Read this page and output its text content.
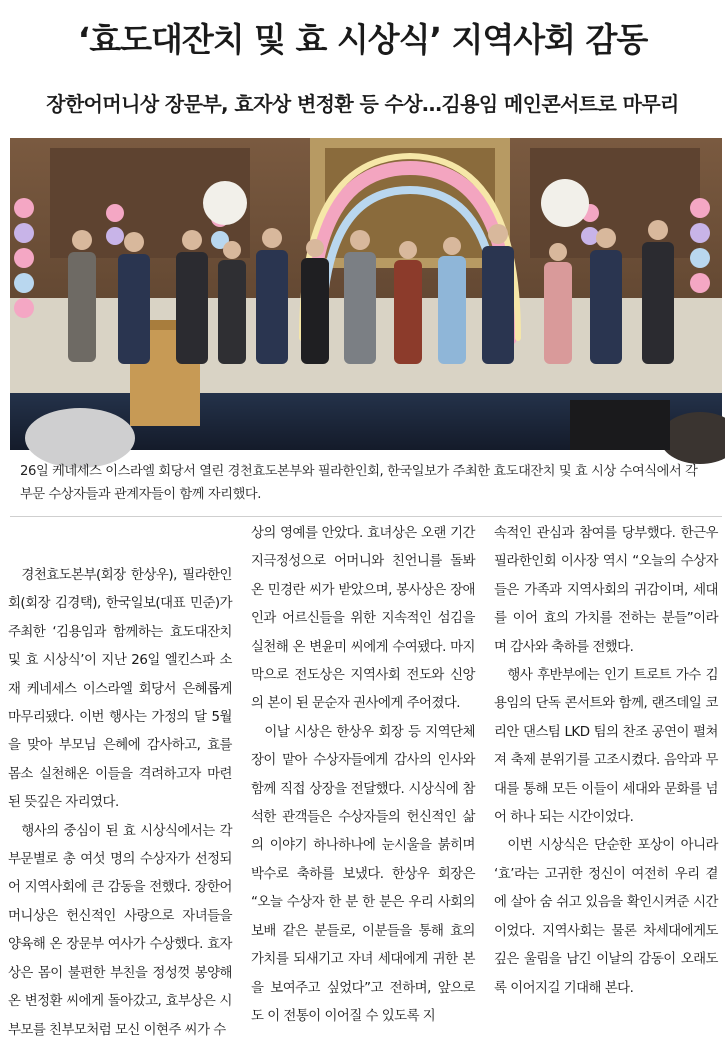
‘효도대잔치 및 효 시상식’ 지역사회 감동
장한어머니상 장문부, 효자상 변정환 등 수상…김용임 메인콘서트로 마무리

26일 케네세스 이스라엘 회당서 열린 경천효도본부와 필라한인회, 한국일보가 주최한 효도대잔치 및 효 시상 수여식에서 각 부문 수상자들과 관계자들이 함께 자리했다.

경천효도본부(회장 한상우), 필라한인회(회장 김경택), 한국일보(대표 민준)가 주최한 ‘김용임과 함께하는 효도대잔치 및 효 시상식’이 지난 26일 엘킨스파 소재 케네세스 이스라엘 회당서 은혜롭게 마무리됐다. 이번 행사는 가정의 달 5월을 맞아 부모님 은혜에 감사하고, 효를 몸소 실천해온 이들을 격려하고자 마련된 뜻깊은 자리였다.

행사의 중심이 된 효 시상식에서는 각 부문별로 총 여섯 명의 수상자가 선정되어 지역사회에 큰 감동을 전했다. 장한어머니상은 헌신적인 사랑으로 자녀들을 양육해 온 장문부 여사가 수상했다. 효자상은 몸이 불편한 부친을 정성껏 봉양해 온 변정환 씨에게 돌아갔고, 효부상은 시부모를 친부모처럼 모신 이현주 씨가 수

상의 영예를 안았다. 효녀상은 오랜 기간 지극정성으로 어머니와 친언니를 돌봐 온 민경란 씨가 받았으며, 봉사상은 장애인과 어르신들을 위한 지속적인 섬김을 실천해 온 변윤미 씨에게 수여됐다. 마지막으로 전도상은 지역사회 전도와 신앙의 본이 된 문순자 권사에게 주어졌다.

이날 시상은 한상우 회장 등 지역단체장이 맡아 수상자들에게 감사의 인사와 함께 직접 상장을 전달했다. 시상식에 참석한 관객들은 수상자들의 헌신적인 삶의 이야기 하나하나에 눈시울을 붉히며 박수로 축하를 보냈다. 한상우 회장은 “오늘 수상자 한 분 한 분은 우리 사회의 보배 같은 분들로, 이분들을 통해 효의 가치를 되새기고 자녀 세대에게 귀한 본을 보여주고 싶었다”고 전하며, 앞으로도 이 전통이 이어질 수 있도록 지

속적인 관심과 참여를 당부했다. 한근우 필라한인회 이사장 역시 “오늘의 수상자들은 가족과 지역사회의 귀감이며, 세대를 이어 효의 가치를 전하는 분들”이라며 감사와 축하를 전했다.

행사 후반부에는 인기 트로트 가수 김용임의 단독 콘서트와 함께, 랜즈데일 코리안 댄스팀 LKD 팀의 찬조 공연이 펼쳐져 축제 분위기를 고조시켰다. 음악과 무대를 통해 모든 이들이 세대와 문화를 넘어 하나 되는 시간이었다.

이번 시상식은 단순한 포상이 아니라 ‘효’라는 고귀한 정신이 여전히 우리 곁에 살아 숨 쉬고 있음을 확인시켜준 시간이었다. 지역사회는 물론 차세대에게도 깊은 울림을 남긴 이날의 감동이 오래도록 이어지길 기대해 본다.
